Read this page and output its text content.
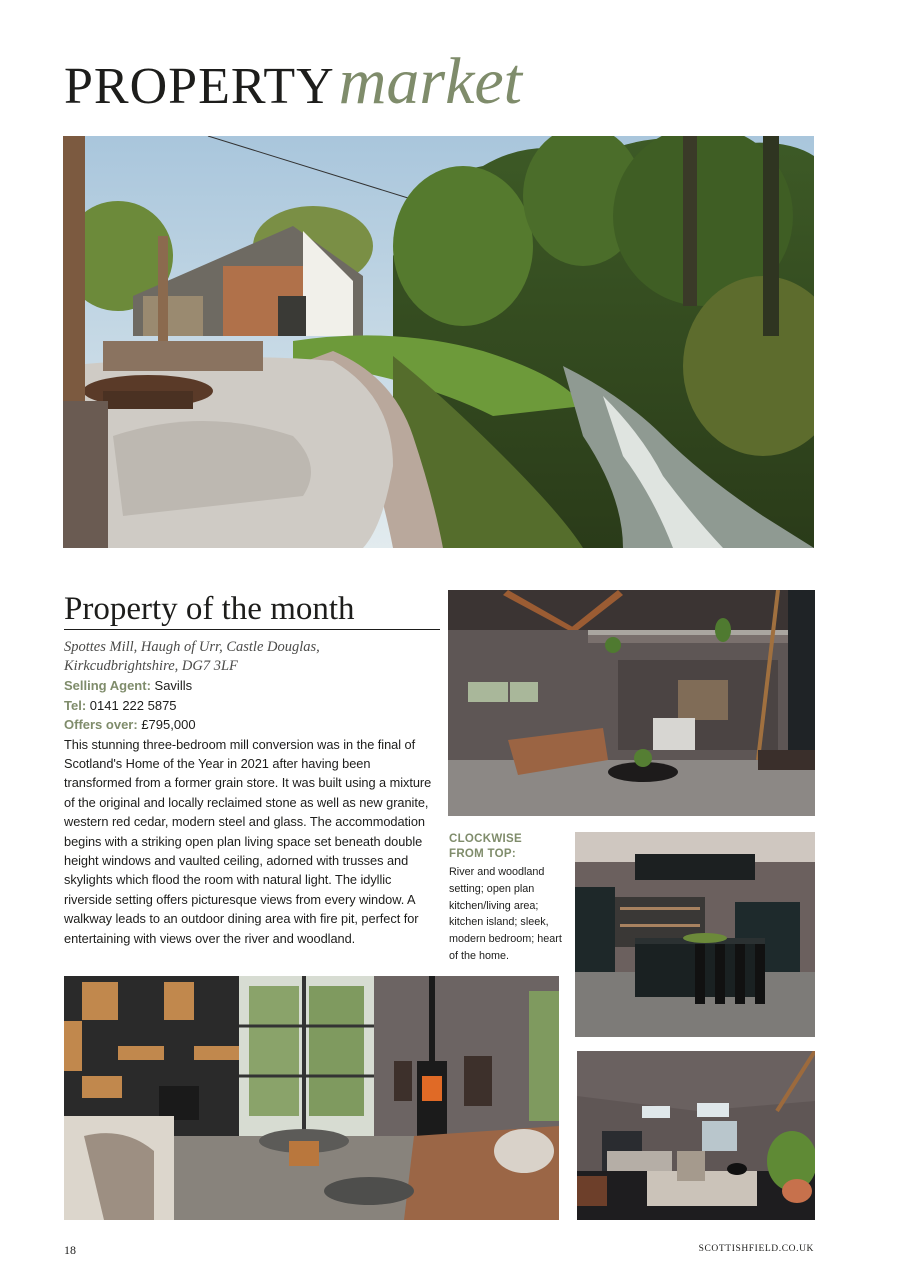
PROPERTYmarket
Property of the month
Spottes Mill, Haugh of Urr, Castle Douglas,
Kirkcudbrightshire, DG7 3LF
Selling Agent: Savills
Tel: 0141 222 5875
Offers over: £795,000

This stunning three-bedroom mill conversion was in the final of Scotland's Home of the Year in 2021 after having been transformed from a former grain store. It was built using a mixture of the original and locally reclaimed stone as well as new granite, western red cedar, modern steel and glass. The accommodation begins with a striking open plan living space set beneath double height windows and vaulted ceiling, adorned with trusses and skylights which flood the room with natural light. The idyllic riverside setting offers picturesque views from every window. A walkway leads to an outdoor dining area with fire pit, perfect for entertaining with views over the river and woodland.

CLOCKWISE
FROM TOP:
River and woodland setting; open plan kitchen/living area; kitchen island; sleek, modern bedroom; heart of the home.
18	SCOTTISHFIELD.CO.UK
